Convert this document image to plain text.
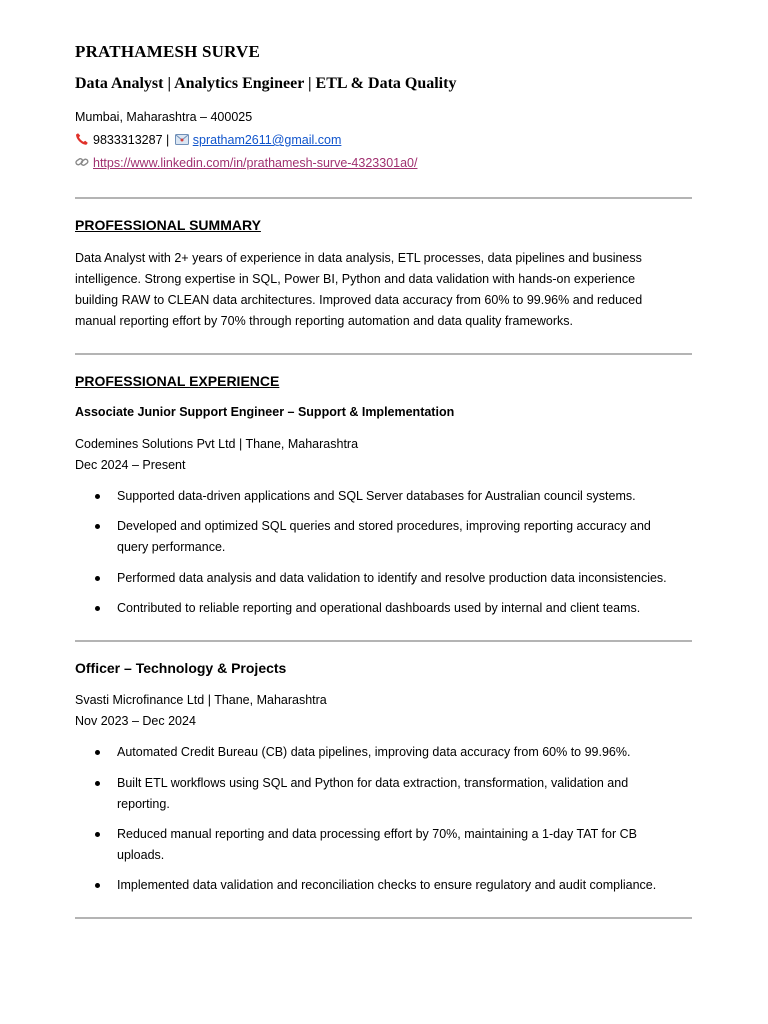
PRATHAMESH SURVE
Data Analyst | Analytics Engineer | ETL & Data Quality
Mumbai, Maharashtra – 400025
9833313287 | spratham2611@gmail.com
https://www.linkedin.com/in/prathamesh-surve-4323301a0/
PROFESSIONAL SUMMARY
Data Analyst with 2+ years of experience in data analysis, ETL processes, data pipelines and business
intelligence. Strong expertise in SQL, Power BI, Python and data validation with hands-on experience
building RAW to CLEAN data architectures. Improved data accuracy from 60% to 99.96% and reduced
manual reporting effort by 70% through reporting automation and data quality frameworks.
PROFESSIONAL EXPERIENCE
Associate Junior Support Engineer – Support & Implementation
Codemines Solutions Pvt Ltd | Thane, Maharashtra
Dec 2024 – Present
Supported data-driven applications and SQL Server databases for Australian council systems.
Developed and optimized SQL queries and stored procedures, improving reporting accuracy and
query performance.
Performed data analysis and data validation to identify and resolve production data inconsistencies.
Contributed to reliable reporting and operational dashboards used by internal and client teams.
Officer – Technology & Projects
Svasti Microfinance Ltd | Thane, Maharashtra
Nov 2023 – Dec 2024
Automated Credit Bureau (CB) data pipelines, improving data accuracy from 60% to 99.96%.
Built ETL workflows using SQL and Python for data extraction, transformation, validation and
reporting.
Reduced manual reporting and data processing effort by 70%, maintaining a 1-day TAT for CB
uploads.
Implemented data validation and reconciliation checks to ensure regulatory and audit compliance.
